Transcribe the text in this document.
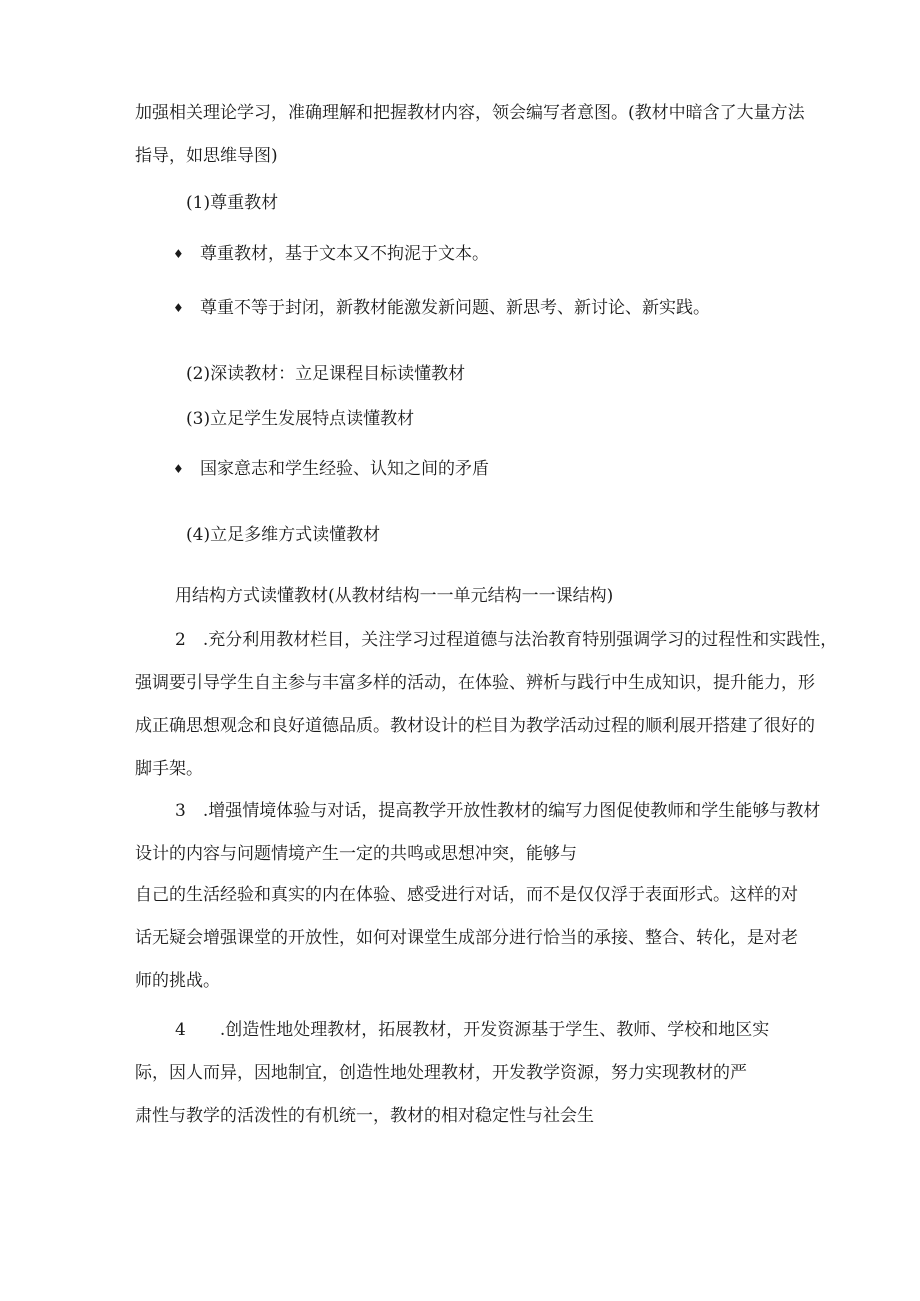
加强相关理论学习，准确理解和把握教材内容，领会编写者意图。(教材中暗含了大量方法
指导，如思维导图)
(1)尊重教材
♦ 尊重教材，基于文本又不拘泥于文本。
♦ 尊重不等于封闭，新教材能激发新问题、新思考、新讨论、新实践。
(2)深读教材：立足课程目标读懂教材
(3)立足学生发展特点读懂教材
♦ 国家意志和学生经验、认知之间的矛盾
(4)立足多维方式读懂教材
用结构方式读懂教材(从教材结构一一单元结构一一课结构)
2　.充分利用教材栏目，关注学习过程道德与法治教育特别强调学习的过程性和实践性，
强调要引导学生自主参与丰富多样的活动，在体验、辨析与践行中生成知识，提升能力，形
成正确思想观念和良好道德品质。教材设计的栏目为教学活动过程的顺利展开搭建了很好的
脚手架。
3　.增强情境体验与对话，提高教学开放性教材的编写力图促使教师和学生能够与教材
设计的内容与问题情境产生一定的共鸣或思想冲突，能够与
自己的生活经验和真实的内在体验、感受进行对话，而不是仅仅浮于表面形式。这样的对
话无疑会增强课堂的开放性，如何对课堂生成部分进行恰当的承接、整合、转化，是对老
师的挑战。
4　　.创造性地处理教材，拓展教材，开发资源基于学生、教师、学校和地区实
际，因人而异，因地制宜，创造性地处理教材，开发教学资源，努力实现教材的严
肃性与教学的活泼性的有机统一，教材的相对稳定性与社会生
